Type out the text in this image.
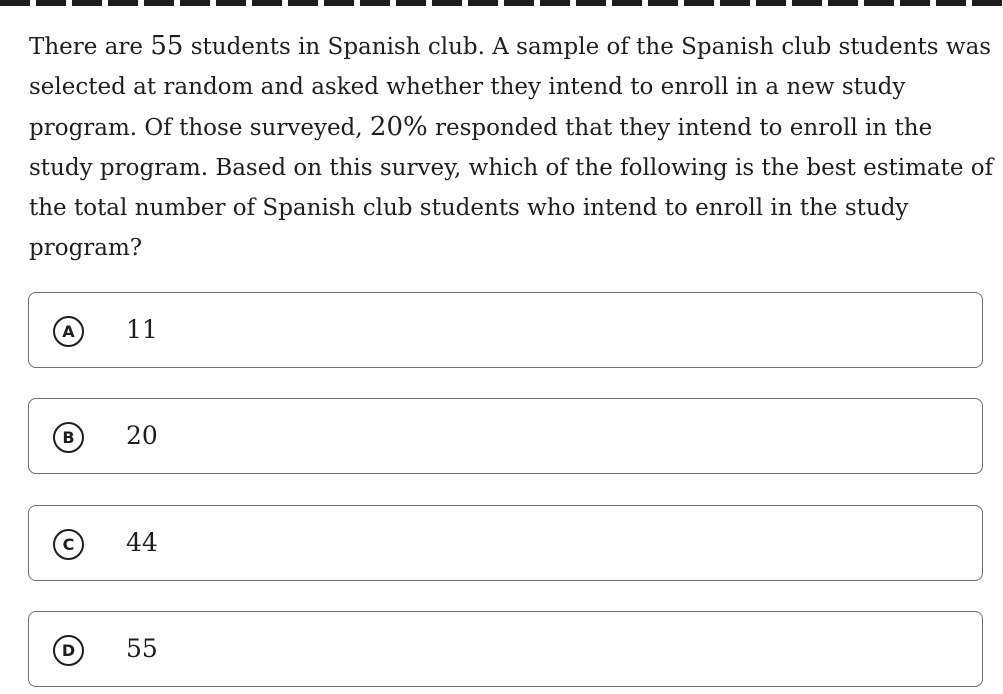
There are 55 students in Spanish club. A sample of the Spanish club students was selected at random and asked whether they intend to enroll in a new study program. Of those surveyed, 20% responded that they intend to enroll in the study program. Based on this survey, which of the following is the best estimate of the total number of Spanish club students who intend to enroll in the study program?

A	11
B	20
C	44
D	55
